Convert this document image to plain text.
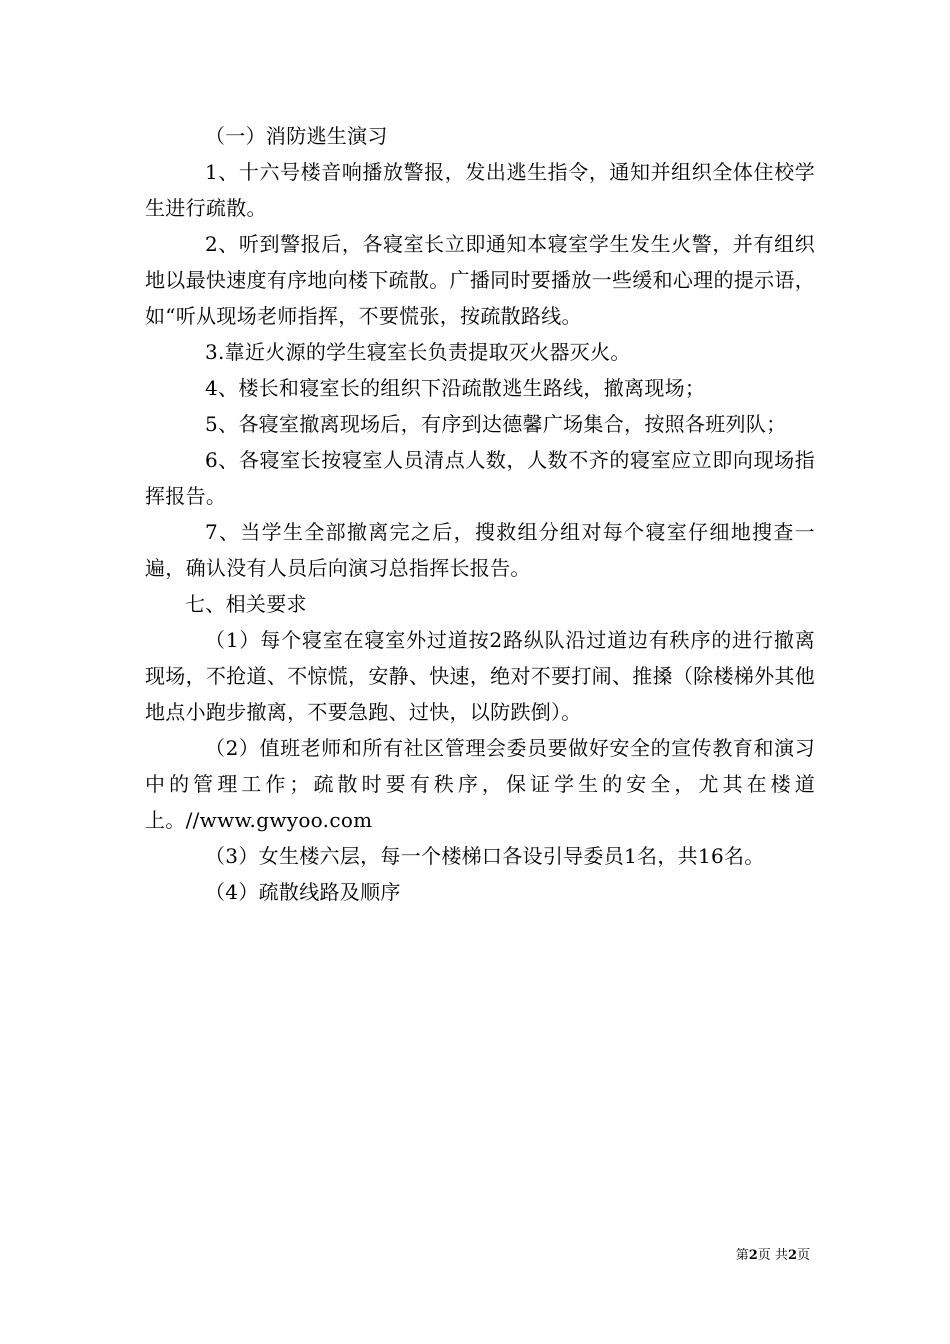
（一）消防逃生演习

1、十六号楼音响播放警报，发出逃生指令，通知并组织全体住校学生进行疏散。

2、听到警报后，各寝室长立即通知本寝室学生发生火警，并有组织地以最快速度有序地向楼下疏散。广播同时要播放一些缓和心理的提示语，如“听从现场老师指挥，不要慌张，按疏散路线。

3.靠近火源的学生寝室长负责提取灭火器灭火。

4、楼长和寝室长的组织下沿疏散逃生路线，撤离现场；

5、各寝室撤离现场后，有序到达德馨广场集合，按照各班列队；

6、各寝室长按寝室人员清点人数，人数不齐的寝室应立即向现场指挥报告。

7、当学生全部撤离完之后，搜救组分组对每个寝室仔细地搜查一遍，确认没有人员后向演习总指挥长报告。

七、相关要求

（1）每个寝室在寝室外过道按2路纵队沿过道边有秩序的进行撤离现场，不抢道、不惊慌，安静、快速，绝对不要打闹、推搡（除楼梯外其他地点小跑步撤离，不要急跑、过快，以防跌倒）。

（2）值班老师和所有社区管理会委员要做好安全的宣传教育和演习中的管理工作；疏散时要有秩序，保证学生的安全，尤其在楼道上。//www.gwyoo.com

（3）女生楼六层，每一个楼梯口各设引导委员1名，共16名。

（4）疏散线路及顺序

第2页 共2页
